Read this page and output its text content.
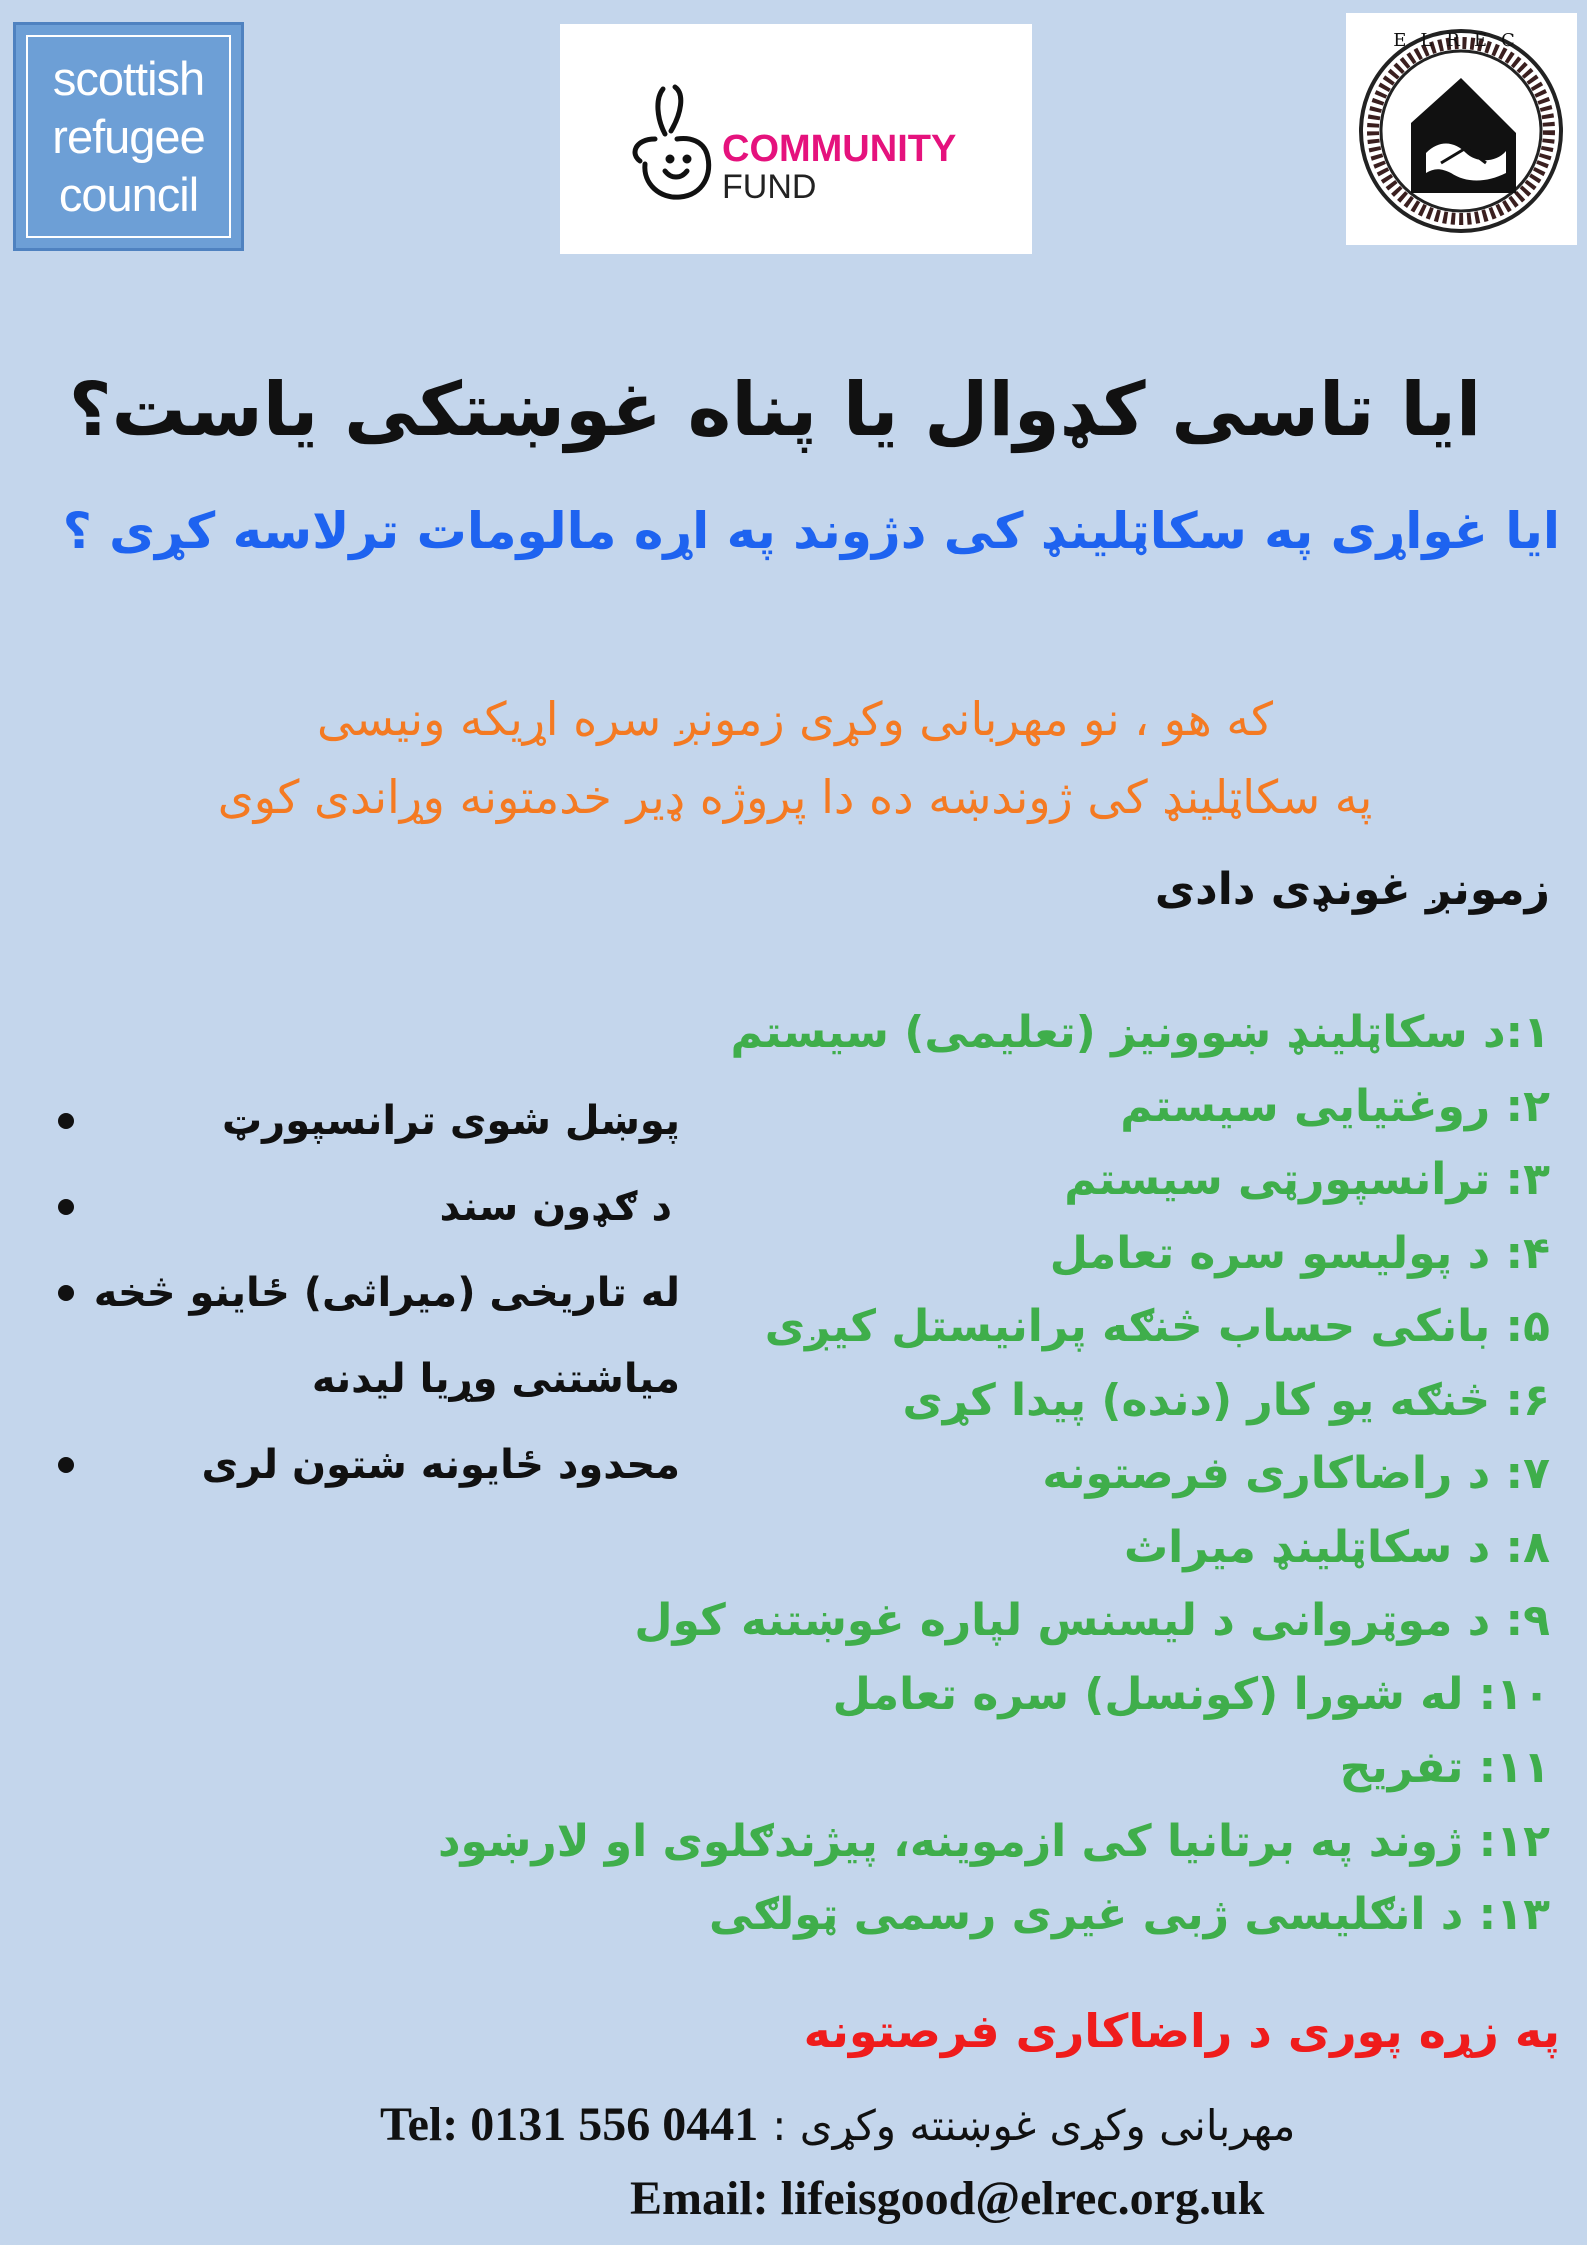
scottish
refugee
council
COMMUNITY
FUND
ELREC
ایا تاسی کډوال یا پناه غوښتکی یاست؟
ایا غواړی په سکاټلینډ کی دژوند په اړه مالومات ترلاسه کړی ؟
که هو ، نو مهربانی وکړی زمونږ سره اړیکه ونیسی
په سکاټلینډ کی ژوندښه ده دا پروژه ډیر خدمتونه وړاندی کوی
زمونږ غونډی دادی
۱:د سکاټلینډ ښوونیز (تعلیمی) سیستم
۲: روغتیایی سیستم
۳: ترانسپورټی سیستم
۴: د پولیسو سره تعامل
۵: بانکی حساب څنګه پرانیستل کیږی
۶: څنګه یو کار (دنده) پیدا کړی
۷: د راضاکاری فرصتونه
۸: د سکاټلینډ میراث
۹: د موټروانی د لیسنس لپاره غوښتنه کول
۱۰: له شورا (کونسل) سره تعامل
۱۱: تفریح
۱۲: ژوند په برتانیا کی ازموینه، پیژندګلوی او لارښود
۱۳: د انګلیسی ژبی غیری رسمی ټولګی
پوښل شوی ترانسپورټ
د ګډون سند
له تاریخی (میراثی) ځاینو څخه
میاشتنی وړیا لیدنه
محدود ځایونه شتون لری
په زړه پوری د راضاکاری فرصتونه
Tel: 0131 556 0441 مهربانی وکړی غوښنته وکړی :
Email: lifeisgood@elrec.org.uk
